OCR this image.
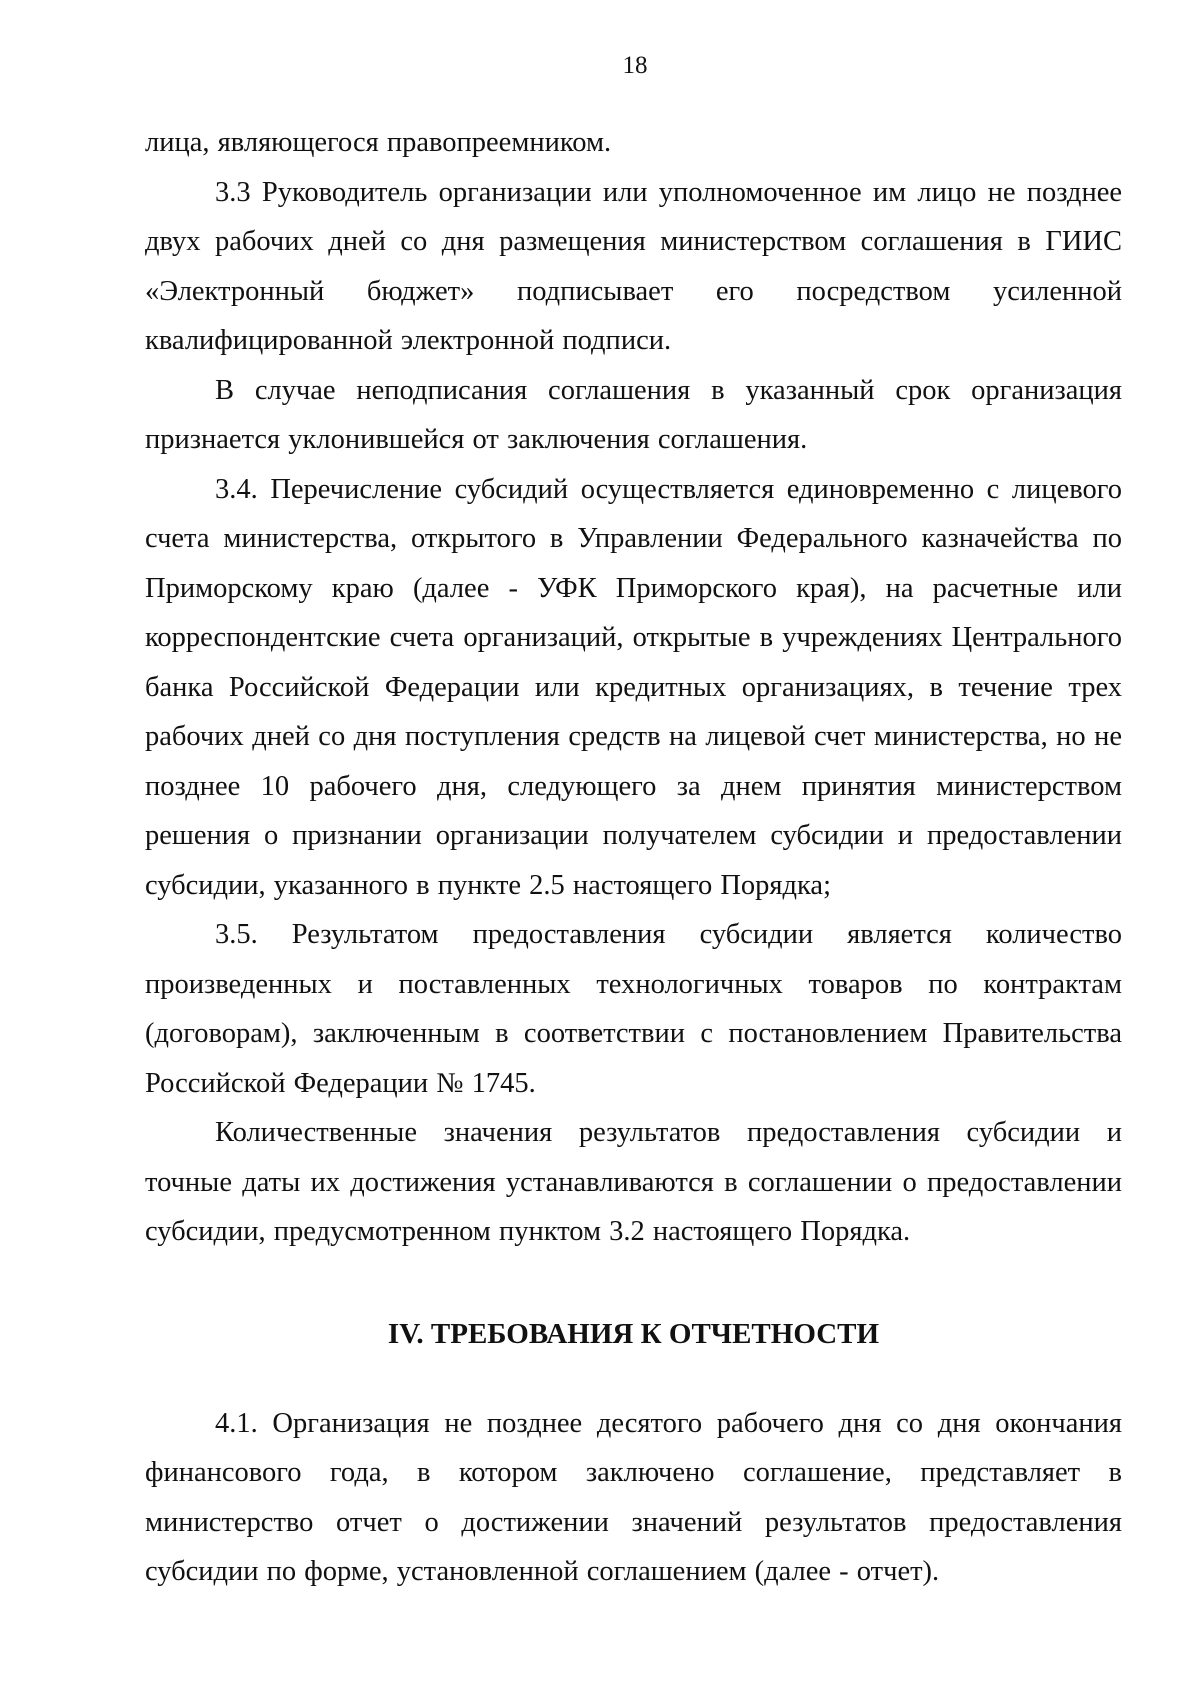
18

лица, являющегося правопреемником.

3.3 Руководитель организации или уполномоченное им лицо не позднее двух рабочих дней со дня размещения министерством соглашения в ГИИС «Электронный бюджет» подписывает его посредством усиленной квалифицированной электронной подписи.

В случае неподписания соглашения в указанный срок организация признается уклонившейся от заключения соглашения.

3.4. Перечисление субсидий осуществляется единовременно с лицевого счета министерства, открытого в Управлении Федерального казначейства по Приморскому краю (далее - УФК Приморского края), на расчетные или корреспондентские счета организаций, открытые в учреждениях Центрального банка Российской Федерации или кредитных организациях, в течение трех рабочих дней со дня поступления средств на лицевой счет министерства, но не позднее 10 рабочего дня, следующего за днем принятия министерством решения о признании организации получателем субсидии и предоставлении субсидии, указанного в пункте 2.5 настоящего Порядка;

3.5. Результатом предоставления субсидии является количество произведенных и поставленных технологичных товаров по контрактам (договорам), заключенным в соответствии с постановлением Правительства Российской Федерации № 1745.

Количественные значения результатов предоставления субсидии и точные даты их достижения устанавливаются в соглашении о предоставлении субсидии, предусмотренном пунктом 3.2 настоящего Порядка.

IV. ТРЕБОВАНИЯ К ОТЧЕТНОСТИ

4.1. Организация не позднее десятого рабочего дня со дня окончания финансового года, в котором заключено соглашение, представляет в министерство отчет о достижении значений результатов предоставления субсидии по форме, установленной соглашением (далее - отчет).
